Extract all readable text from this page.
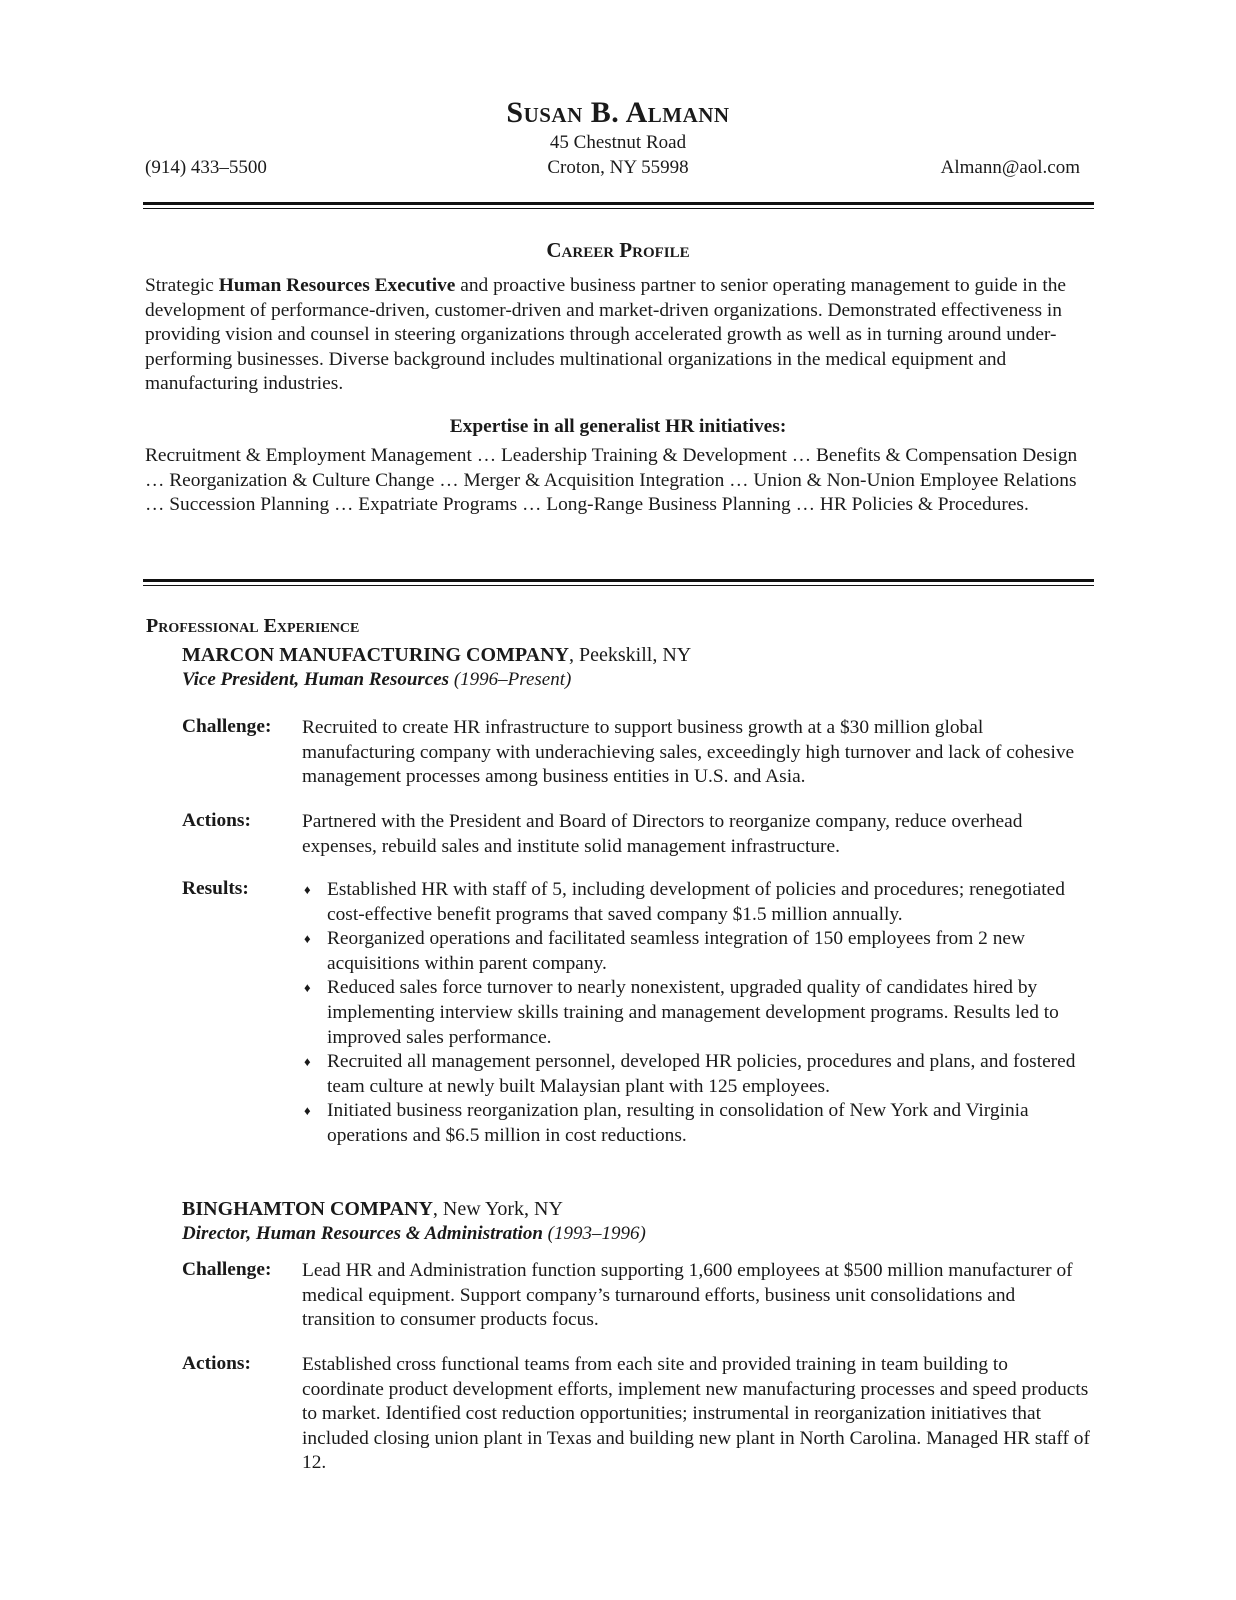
Susan B. Almann
45 Chestnut Road
Croton, NY 55998
(914) 433–5500	Almann@aol.com
Career Profile
Strategic Human Resources Executive and proactive business partner to senior operating management to guide in the development of performance-driven, customer-driven and market-driven organizations. Demonstrated effectiveness in providing vision and counsel in steering organizations through accelerated growth as well as in turning around under-performing businesses. Diverse background includes multinational organizations in the medical equipment and manufacturing industries.
Expertise in all generalist HR initiatives:
Recruitment & Employment Management … Leadership Training & Development … Benefits & Compensation Design … Reorganization & Culture Change … Merger & Acquisition Integration … Union & Non-Union Employee Relations … Succession Planning … Expatriate Programs … Long-Range Business Planning … HR Policies & Procedures.
Professional Experience
MARCON MANUFACTURING COMPANY, Peekskill, NY
Vice President, Human Resources (1996–Present)
Challenge: Recruited to create HR infrastructure to support business growth at a $30 million global manufacturing company with underachieving sales, exceedingly high turnover and lack of cohesive management processes among business entities in U.S. and Asia.
Actions:	Partnered with the President and Board of Directors to reorganize company, reduce overhead expenses, rebuild sales and institute solid management infrastructure.
Results:	♦ Established HR with staff of 5, including development of policies and procedures; renegotiated cost-effective benefit programs that saved company $1.5 million annually.
♦ Reorganized operations and facilitated seamless integration of 150 employees from 2 new acquisitions within parent company.
♦ Reduced sales force turnover to nearly nonexistent, upgraded quality of candidates hired by implementing interview skills training and management development programs. Results led to improved sales performance.
♦ Recruited all management personnel, developed HR policies, procedures and plans, and fostered team culture at newly built Malaysian plant with 125 employees.
♦ Initiated business reorganization plan, resulting in consolidation of New York and Virginia operations and $6.5 million in cost reductions.
BINGHAMTON COMPANY, New York, NY
Director, Human Resources & Administration (1993–1996)
Challenge: Lead HR and Administration function supporting 1,600 employees at $500 million manufacturer of medical equipment. Support company’s turnaround efforts, business unit consolidations and transition to consumer products focus.
Actions:	Established cross functional teams from each site and provided training in team building to coordinate product development efforts, implement new manufacturing processes and speed products to market. Identified cost reduction opportunities; instrumental in reorganization initiatives that included closing union plant in Texas and building new plant in North Carolina. Managed HR staff of 12.
